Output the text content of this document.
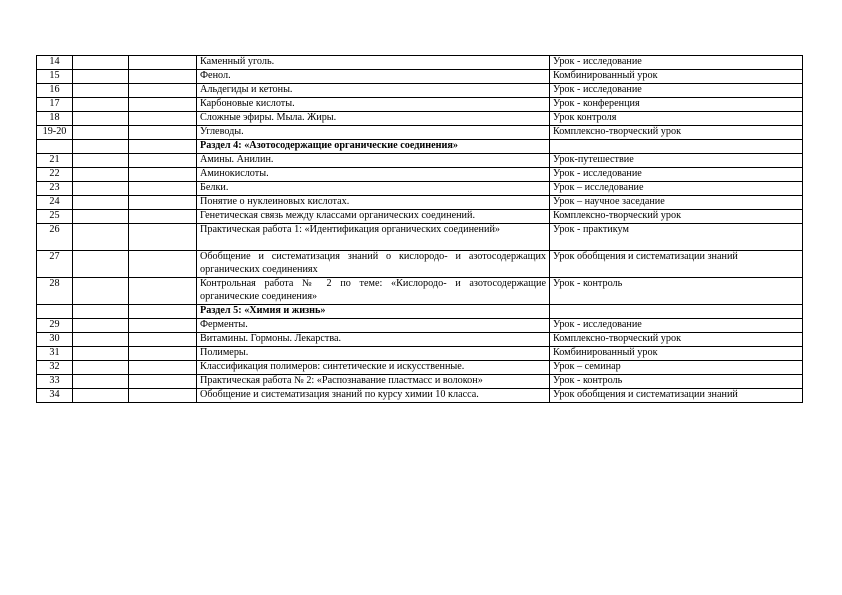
14			Каменный уголь.	Урок - исследование
15			Фенол.	Комбинированный урок
16			Альдегиды и кетоны.	Урок - исследование
17			Карбоновые кислоты.	Урок - конференция
18			Сложные эфиры. Мыла. Жиры.	Урок контроля
19-20			Углеводы.	Комплексно-творческий урок
			Раздел 4: «Азотосодержащие органические соединения»	
21			Амины. Анилин.	Урок-путешествие
22			Аминокислоты.	Урок - исследование
23			Белки.	Урок – исследование
24			Понятие о нуклеиновых кислотах.	Урок – научное заседание
25			Генетическая связь между классами органических соединений.	Комплексно-творческий урок
26			Практическая работа 1: «Идентификация органических соединений»	Урок - практикум
27			Обобщение и систематизация знаний о кислородо- и азотосодержащих органических соединениях	Урок обобщения и систематизации знаний
28			Контрольная работа № 2 по теме: «Кислородо- и азотосодержащие органические соединения»	Урок - контроль
			Раздел 5: «Химия и жизнь»	
29			Ферменты.	Урок - исследование
30			Витамины. Гормоны. Лекарства.	Комплексно-творческий урок
31			Полимеры.	Комбинированный урок
32			Классификация полимеров: синтетические и искусственные.	Урок – семинар
33			Практическая работа № 2: «Распознавание пластмасс и волокон»	Урок - контроль
34			Обобщение и систематизация знаний по курсу химии 10 класса.	Урок обобщения и систематизации знаний
